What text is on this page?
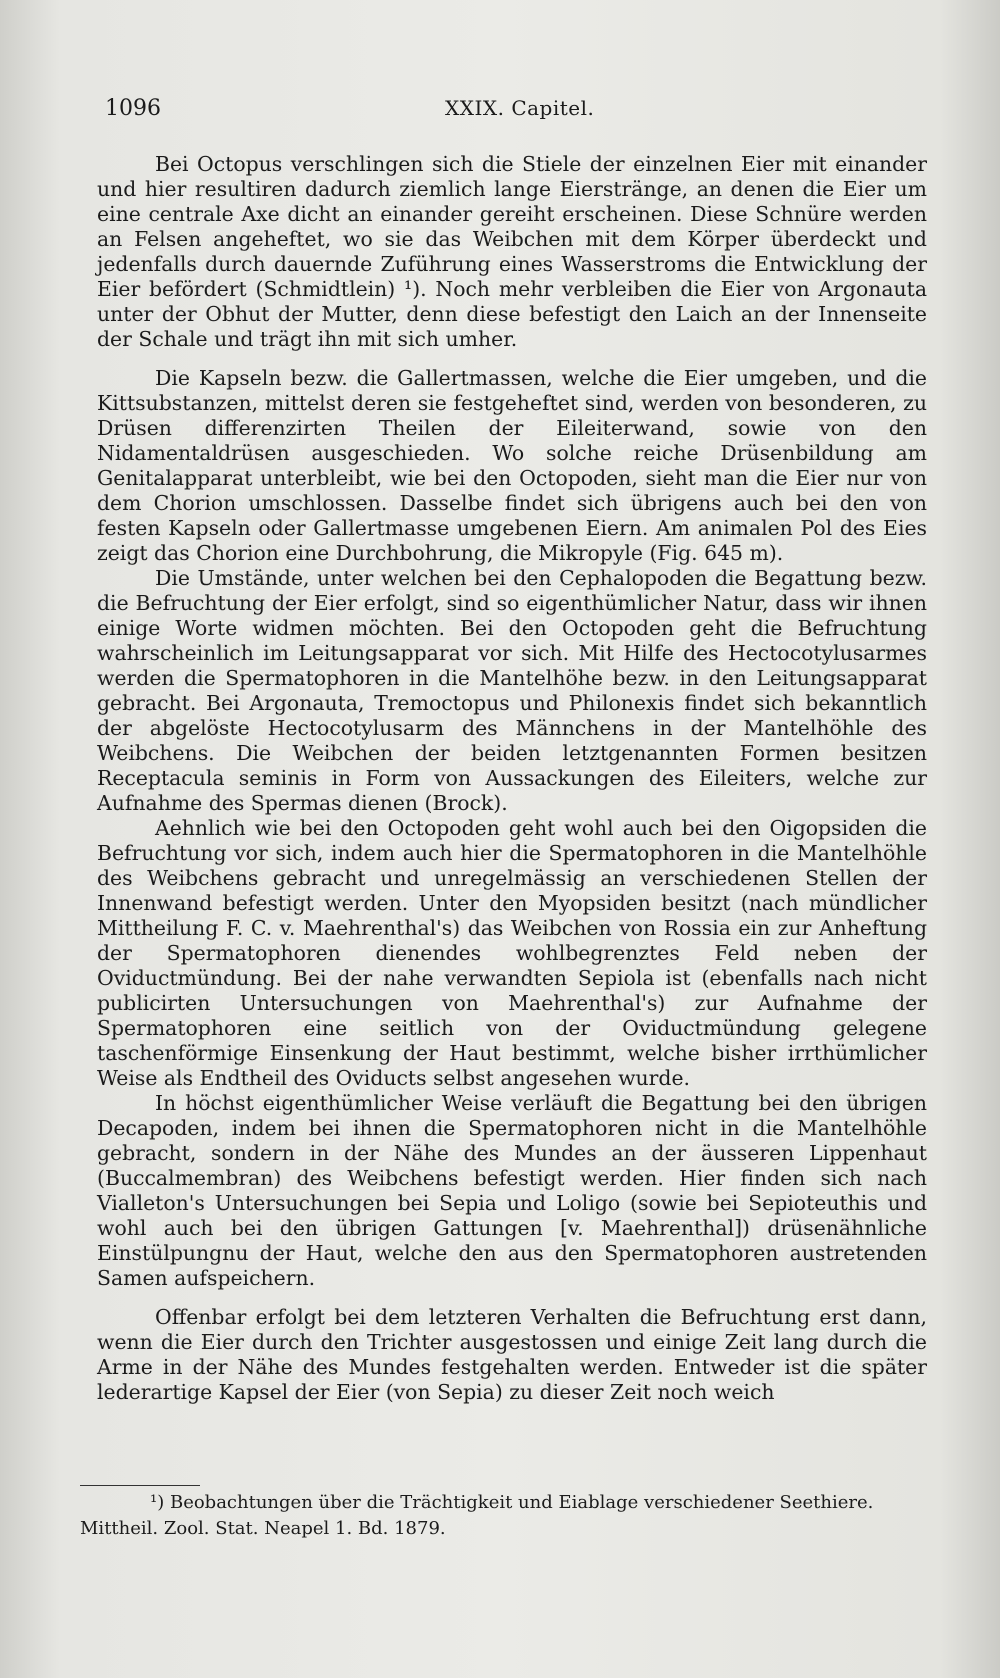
1096	XXIX. Capitel.

Bei Octopus verschlingen sich die Stiele der einzelnen Eier mit einander und hier resultiren dadurch ziemlich lange Eierstränge, an denen die Eier um eine centrale Axe dicht an einander gereiht erscheinen. Diese Schnüre werden an Felsen angeheftet, wo sie das Weibchen mit dem Körper überdeckt und jedenfalls durch dauernde Zuführung eines Wasserstroms die Entwicklung der Eier befördert (Schmidtlein) ¹). Noch mehr verbleiben die Eier von Argonauta unter der Obhut der Mutter, denn diese befestigt den Laich an der Innenseite der Schale und trägt ihn mit sich umher.

Die Kapseln bezw. die Gallertmassen, welche die Eier umgeben, und die Kittsubstanzen, mittelst deren sie festgeheftet sind, werden von besonderen, zu Drüsen differenzirten Theilen der Eileiterwand, sowie von den Nidamentaldrüsen ausgeschieden. Wo solche reiche Drüsenbildung am Genitalapparat unterbleibt, wie bei den Octopoden, sieht man die Eier nur von dem Chorion umschlossen. Dasselbe findet sich übrigens auch bei den von festen Kapseln oder Gallertmasse umgebenen Eiern. Am animalen Pol des Eies zeigt das Chorion eine Durchbohrung, die Mikropyle (Fig. 645 m).

Die Umstände, unter welchen bei den Cephalopoden die Begattung bezw. die Befruchtung der Eier erfolgt, sind so eigenthümlicher Natur, dass wir ihnen einige Worte widmen möchten. Bei den Octopoden geht die Befruchtung wahrscheinlich im Leitungsapparat vor sich. Mit Hilfe des Hectocotylusarmes werden die Spermatophoren in die Mantelhöhe bezw. in den Leitungsapparat gebracht. Bei Argonauta, Tremoctopus und Philonexis findet sich bekanntlich der abgelöste Hectocotylusarm des Männchens in der Mantelhöhle des Weibchens. Die Weibchen der beiden letztgenannten Formen besitzen Receptacula seminis in Form von Aussackungen des Eileiters, welche zur Aufnahme des Spermas dienen (Brock).

Aehnlich wie bei den Octopoden geht wohl auch bei den Oigopsiden die Befruchtung vor sich, indem auch hier die Spermatophoren in die Mantelhöhle des Weibchens gebracht und unregelmässig an verschiedenen Stellen der Innenwand befestigt werden. Unter den Myopsiden besitzt (nach mündlicher Mittheilung F. C. v. Maehrenthal's) das Weibchen von Rossia ein zur Anheftung der Spermatophoren dienendes wohlbegrenztes Feld neben der Oviductmündung. Bei der nahe verwandten Sepiola ist (ebenfalls nach nicht publicirten Untersuchungen von Maehrenthal's) zur Aufnahme der Spermatophoren eine seitlich von der Oviductmündung gelegene taschenförmige Einsenkung der Haut bestimmt, welche bisher irrthümlicher Weise als Endtheil des Oviducts selbst angesehen wurde.

In höchst eigenthümlicher Weise verläuft die Begattung bei den übrigen Decapoden, indem bei ihnen die Spermatophoren nicht in die Mantelhöhle gebracht, sondern in der Nähe des Mundes an der äusseren Lippenhaut (Buccalmembran) des Weibchens befestigt werden. Hier finden sich nach Vialleton's Untersuchungen bei Sepia und Loligo (sowie bei Sepioteuthis und wohl auch bei den übrigen Gattungen [v. Maehrenthal]) drüsenähnliche Einstülpungnu der Haut, welche den aus den Spermatophoren austretenden Samen aufspeichern.

Offenbar erfolgt bei dem letzteren Verhalten die Befruchtung erst dann, wenn die Eier durch den Trichter ausgestossen und einige Zeit lang durch die Arme in der Nähe des Mundes festgehalten werden. Entweder ist die später lederartige Kapsel der Eier (von Sepia) zu dieser Zeit noch weich

¹) Beobachtungen über die Trächtigkeit und Eiablage verschiedener Seethiere.
Mittheil. Zool. Stat. Neapel 1. Bd. 1879.
